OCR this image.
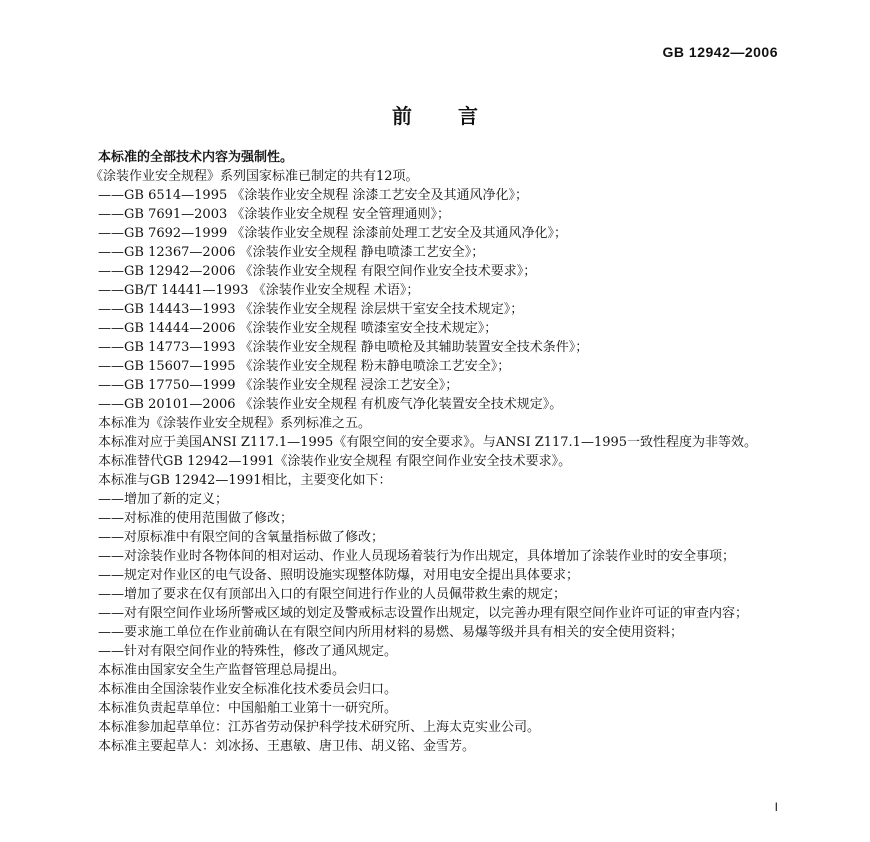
GB 12942—2006
前言

本标准的全部技术内容为强制性。

《涂装作业安全规程》系列国家标准已制定的共有12项。

——GB 6514—1995 《涂装作业安全规程 涂漆工艺安全及其通风净化》；

——GB 7691—2003 《涂装作业安全规程 安全管理通则》；

——GB 7692—1999 《涂装作业安全规程 涂漆前处理工艺安全及其通风净化》；

——GB 12367—2006 《涂装作业安全规程 静电喷漆工艺安全》；

——GB 12942—2006 《涂装作业安全规程 有限空间作业安全技术要求》；

——GB/T 14441—1993 《涂装作业安全规程 术语》；

——GB 14443—1993 《涂装作业安全规程 涂层烘干室安全技术规定》；

——GB 14444—2006 《涂装作业安全规程 喷漆室安全技术规定》；

——GB 14773—1993 《涂装作业安全规程 静电喷枪及其辅助装置安全技术条件》；

——GB 15607—1995 《涂装作业安全规程 粉末静电喷涂工艺安全》；

——GB 17750—1999 《涂装作业安全规程 浸涂工艺安全》；

——GB 20101—2006 《涂装作业安全规程 有机废气净化装置安全技术规定》。

本标准为《涂装作业安全规程》系列标准之五。

本标准对应于美国ANSI Z117.1—1995《有限空间的安全要求》。与ANSI Z117.1—1995一致性程度为非等效。

本标准替代GB 12942—1991《涂装作业安全规程 有限空间作业安全技术要求》。

本标准与GB 12942—1991相比，主要变化如下：

——增加了新的定义；

——对标准的使用范围做了修改；

——对原标准中有限空间的含氧量指标做了修改；

——对涂装作业时各物体间的相对运动、作业人员现场着装行为作出规定，具体增加了涂装作业时的安全事项；

——规定对作业区的电气设备、照明设施实现整体防爆，对用电安全提出具体要求；

——增加了要求在仅有顶部出入口的有限空间进行作业的人员佩带救生索的规定；

——对有限空间作业场所警戒区域的划定及警戒标志设置作出规定，以完善办理有限空间作业许可证的审查内容；

——要求施工单位在作业前确认在有限空间内所用材料的易燃、易爆等级并具有相关的安全使用资料；

——针对有限空间作业的特殊性，修改了通风规定。

本标准由国家安全生产监督管理总局提出。

本标准由全国涂装作业安全标准化技术委员会归口。

本标准负责起草单位：中国船舶工业第十一研究所。

本标准参加起草单位：江苏省劳动保护科学技术研究所、上海太克实业公司。

本标准主要起草人：刘冰扬、王惠敏、唐卫伟、胡义铭、金雪芳。

I
